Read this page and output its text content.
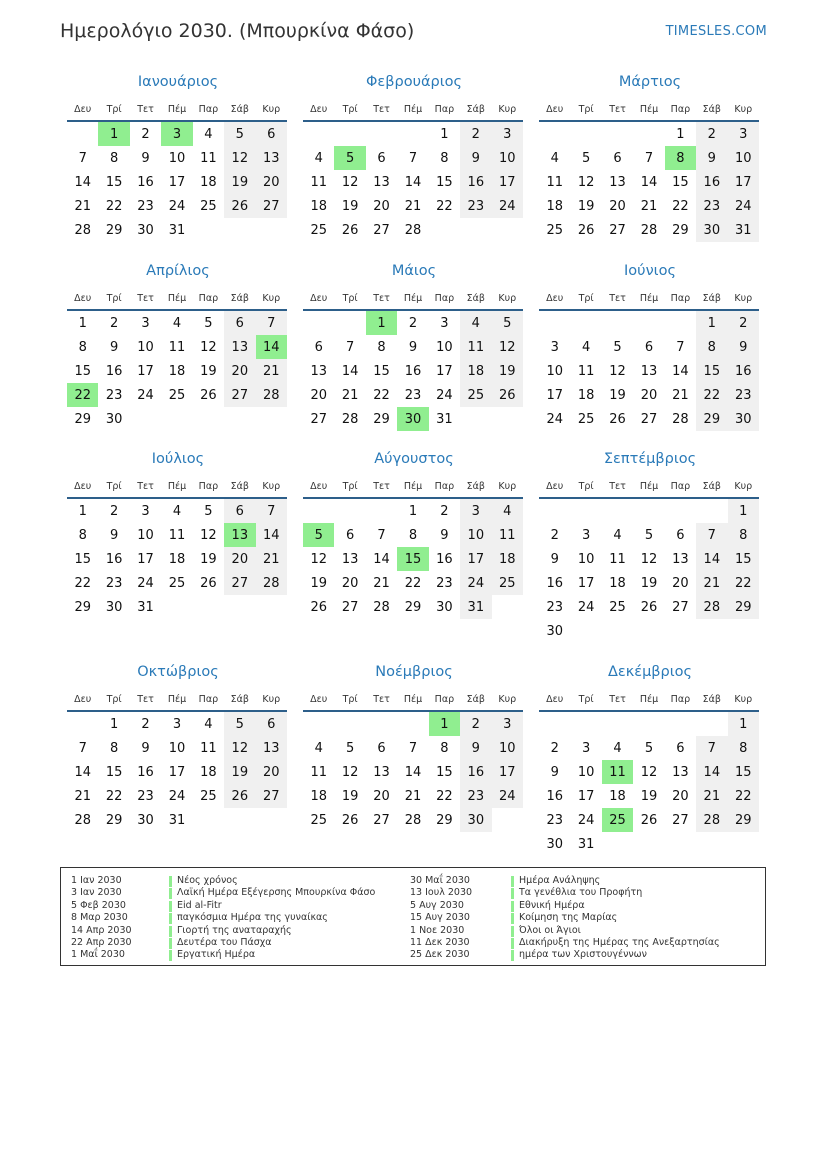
Ημερολόγιο 2030. (Μπουρκίνα Φάσο)	TIMESLES.COM
Ιανουάριος
Δευ	Τρί	Τετ	Πέμ	Παρ	Σάβ	Κυρ
	1	2	3	4	5	6
7	8	9	10	11	12	13
14	15	16	17	18	19	20
21	22	23	24	25	26	27
28	29	30	31			
Φεβρουάριος
Δευ	Τρί	Τετ	Πέμ	Παρ	Σάβ	Κυρ
				1	2	3
4	5	6	7	8	9	10
11	12	13	14	15	16	17
18	19	20	21	22	23	24
25	26	27	28			
Μάρτιος
Δευ	Τρί	Τετ	Πέμ	Παρ	Σάβ	Κυρ
				1	2	3
4	5	6	7	8	9	10
11	12	13	14	15	16	17
18	19	20	21	22	23	24
25	26	27	28	29	30	31
Απρίλιος
Δευ	Τρί	Τετ	Πέμ	Παρ	Σάβ	Κυρ
1	2	3	4	5	6	7
8	9	10	11	12	13	14
15	16	17	18	19	20	21
22	23	24	25	26	27	28
29	30					
Μάιος
Δευ	Τρί	Τετ	Πέμ	Παρ	Σάβ	Κυρ
		1	2	3	4	5
6	7	8	9	10	11	12
13	14	15	16	17	18	19
20	21	22	23	24	25	26
27	28	29	30	31		
Ιούνιος
Δευ	Τρί	Τετ	Πέμ	Παρ	Σάβ	Κυρ
					1	2
3	4	5	6	7	8	9
10	11	12	13	14	15	16
17	18	19	20	21	22	23
24	25	26	27	28	29	30
Ιούλιος
Δευ	Τρί	Τετ	Πέμ	Παρ	Σάβ	Κυρ
1	2	3	4	5	6	7
8	9	10	11	12	13	14
15	16	17	18	19	20	21
22	23	24	25	26	27	28
29	30	31				
Αύγουστος
Δευ	Τρί	Τετ	Πέμ	Παρ	Σάβ	Κυρ
			1	2	3	4
5	6	7	8	9	10	11
12	13	14	15	16	17	18
19	20	21	22	23	24	25
26	27	28	29	30	31	
Σεπτέμβριος
Δευ	Τρί	Τετ	Πέμ	Παρ	Σάβ	Κυρ
						1
2	3	4	5	6	7	8
9	10	11	12	13	14	15
16	17	18	19	20	21	22
23	24	25	26	27	28	29
30						
Οκτώβριος
Δευ	Τρί	Τετ	Πέμ	Παρ	Σάβ	Κυρ
	1	2	3	4	5	6
7	8	9	10	11	12	13
14	15	16	17	18	19	20
21	22	23	24	25	26	27
28	29	30	31			
Νοέμβριος
Δευ	Τρί	Τετ	Πέμ	Παρ	Σάβ	Κυρ
				1	2	3
4	5	6	7	8	9	10
11	12	13	14	15	16	17
18	19	20	21	22	23	24
25	26	27	28	29	30	
Δεκέμβριος
Δευ	Τρί	Τετ	Πέμ	Παρ	Σάβ	Κυρ
						1
2	3	4	5	6	7	8
9	10	11	12	13	14	15
16	17	18	19	20	21	22
23	24	25	26	27	28	29
30	31					
1 Ιαν 2030	Νέος χρόνος
3 Ιαν 2030	Λαϊκή Ημέρα Εξέγερσης Μπουρκίνα Φάσο
5 Φεβ 2030	Eid al-Fitr
8 Μαρ 2030	παγκόσμια Ημέρα της γυναίκας
14 Απρ 2030	Γιορτή της αναταραχής
22 Απρ 2030	Δευτέρα του Πάσχα
1 Μαΐ 2030	Εργατική Ημέρα
30 Μαΐ 2030	Ημέρα Ανάληψης
13 Ιουλ 2030	Τα γενέθλια του Προφήτη
5 Αυγ 2030	Εθνική Ημέρα
15 Αυγ 2030	Κοίμηση της Μαρίας
1 Νοε 2030	Όλοι οι Άγιοι
11 Δεκ 2030	Διακήρυξη της Ημέρας της Ανεξαρτησίας
25 Δεκ 2030	ημέρα των Χριστουγέννων
